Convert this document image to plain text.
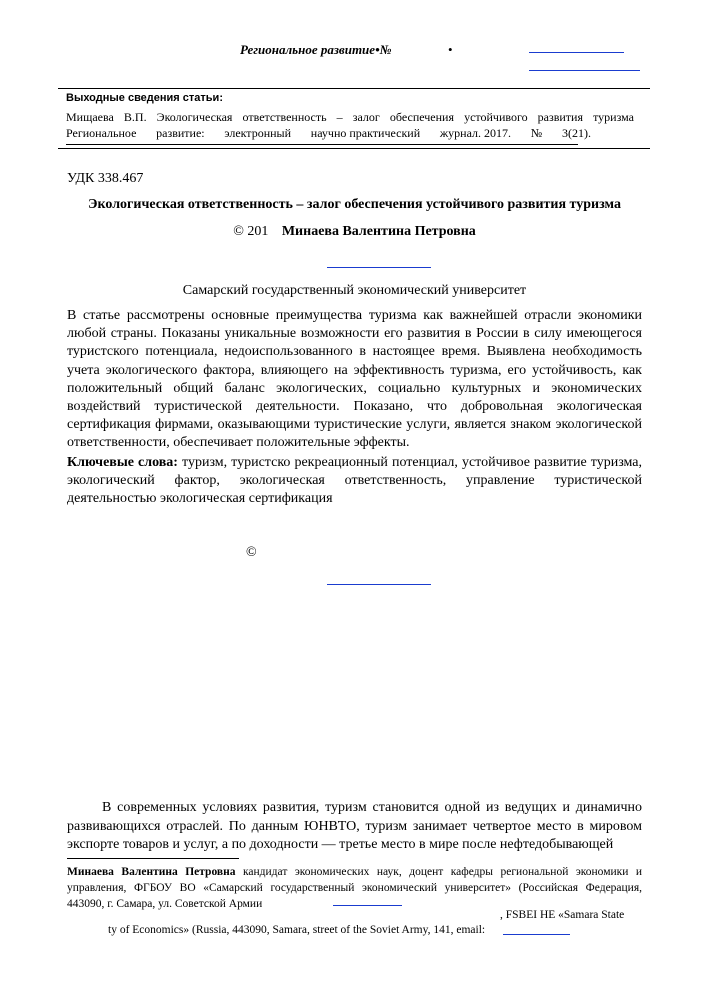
Региональное развитие•№	•
Выходные сведения статьи:
Мищаева В.П. Экологическая ответственность – залог обеспечения устойчивого развития туризма
Региональное развитие: электронный научно практический журнал. 2017. № 3(21).
УДК 338.467
Экологическая ответственность – залог обеспечения устойчивого развития туризма
© 201 Минаева Валентина Петровна
Самарский государственный экономический университет
В статье рассмотрены основные преимущества туризма как важнейшей отрасли экономики любой страны. Показаны уникальные возможности его развития в России в силу имеющегося туристского потенциала, недоиспользованного в настоящее время. Выявлена необходимость учета экологического фактора, влияющего на эффективность туризма, его устойчивость, как положительный общий баланс экологических, социально культурных и экономических воздействий туристической деятельности. Показано, что добровольная экологическая сертификация фирмами, оказывающими туристические услуги, является знаком экологической ответственности, обеспечивает положительные эффекты.
Ключевые слова: туризм, туристско рекреационный потенциал, устойчивое развитие туризма, экологический фактор, экологическая ответственность, управление туристической деятельностью экологическая сертификация
©
В современных условиях развития, туризм становится одной из ведущих и динамично развивающихся отраслей. По данным ЮНВТО, туризм занимает четвертое место в мировом экспорте товаров и услуг, а по доходности — третье место в мире после нефтедобывающей
Минаева Валентина Петровна кандидат экономических наук, доцент кафедры региональной экономики и управления, ФГБОУ ВО «Самарский государственный экономический университет» (Российская Федерация, 443090, г. Самара, ул. Советской Армии
, FSBEI HE «Samara State
ty of Economics» (Russia, 443090, Samara, street of the Soviet Army, 141, email:
